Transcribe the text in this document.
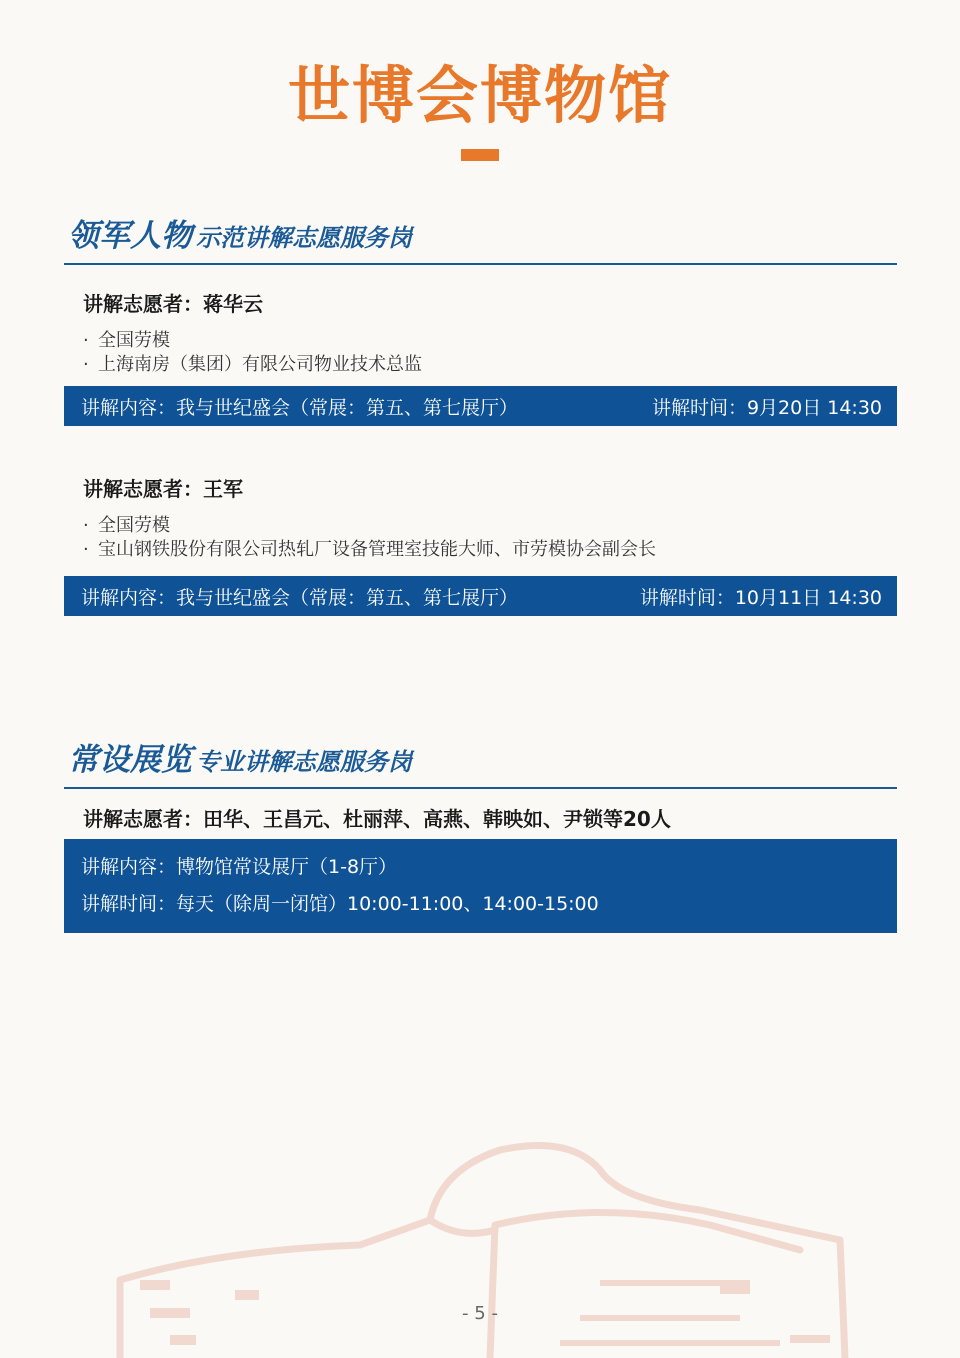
世博会博物馆
领军人物 示范讲解志愿服务岗
讲解志愿者：蒋华云
· 全国劳模
· 上海南房（集团）有限公司物业技术总监
讲解内容：我与世纪盛会（常展：第五、第七展厅）	讲解时间：9月20日 14:30
讲解志愿者：王军
· 全国劳模
· 宝山钢铁股份有限公司热轧厂设备管理室技能大师、市劳模协会副会长
讲解内容：我与世纪盛会（常展：第五、第七展厅）	讲解时间：10月11日 14:30
常设展览 专业讲解志愿服务岗
讲解志愿者：田华、王昌元、杜丽萍、高燕、韩映如、尹锁等20人
讲解内容：博物馆常设展厅（1-8厅）
讲解时间：每天（除周一闭馆）10:00-11:00、14:00-15:00
- 5 -
